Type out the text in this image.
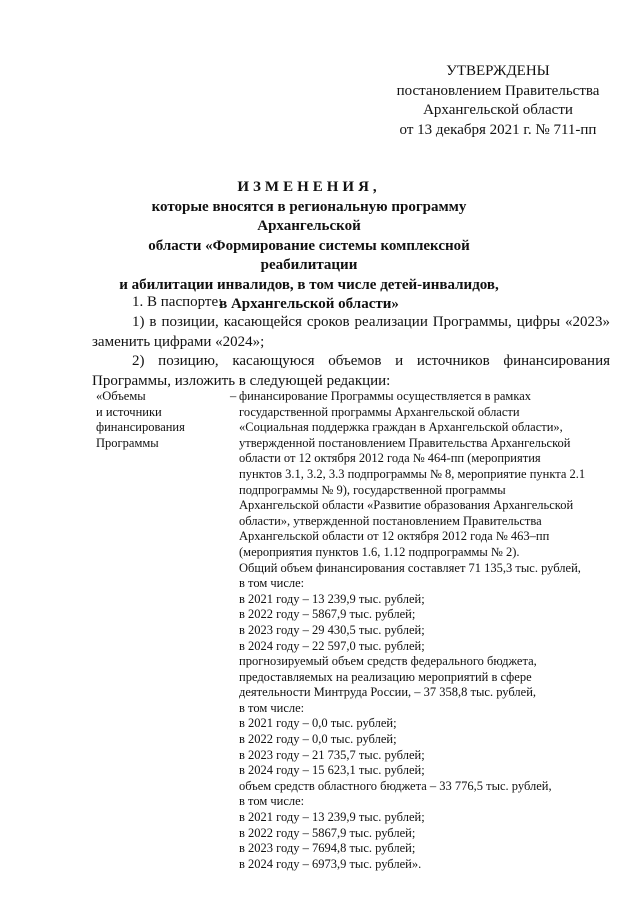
УТВЕРЖДЕНЫ
постановлением Правительства
Архангельской области
от 13 декабря 2021 г. № 711-пп
ИЗМЕНЕНИЯ,
которые вносятся в региональную программу Архангельской
области «Формирование системы комплексной реабилитации
и абилитации инвалидов, в том числе детей-инвалидов,
в Архангельской области»
1. В паспорте:
1) в позиции, касающейся сроков реализации Программы, цифры «2023» заменить цифрами «2024»;
2) позицию, касающуюся объемов и источников финансирования Программы, изложить в следующей редакции:
«Объемы
и источники
финансирования
Программы
– финансирование Программы осуществляется в рамках
государственной программы Архангельской области
«Социальная поддержка граждан в Архангельской области»,
утвержденной постановлением Правительства Архангельской
области от 12 октября 2012 года № 464-пп (мероприятия
пунктов 3.1, 3.2, 3.3 подпрограммы № 8, мероприятие пункта 2.1
подпрограммы № 9), государственной программы
Архангельской области «Развитие образования Архангельской
области», утвержденной постановлением Правительства
Архангельской области от 12 октября 2012 года № 463–пп
(мероприятия пунктов 1.6, 1.12 подпрограммы № 2).
Общий объем финансирования составляет 71 135,3 тыс. рублей,
в том числе:
в 2021 году – 13 239,9 тыс. рублей;
в 2022 году – 5867,9 тыс. рублей;
в 2023 году – 29 430,5 тыс. рублей;
в 2024 году – 22 597,0 тыс. рублей;
прогнозируемый объем средств федерального бюджета,
предоставляемых на реализацию мероприятий в сфере
деятельности Минтруда России, – 37 358,8 тыс. рублей,
в том числе:
в 2021 году – 0,0 тыс. рублей;
в 2022 году – 0,0 тыс. рублей;
в 2023 году – 21 735,7 тыс. рублей;
в 2024 году – 15 623,1 тыс. рублей;
объем средств областного бюджета – 33 776,5 тыс. рублей,
в том числе:
в 2021 году – 13 239,9 тыс. рублей;
в 2022 году – 5867,9 тыс. рублей;
в 2023 году – 7694,8 тыс. рублей;
в 2024 году – 6973,9 тыс. рублей».
